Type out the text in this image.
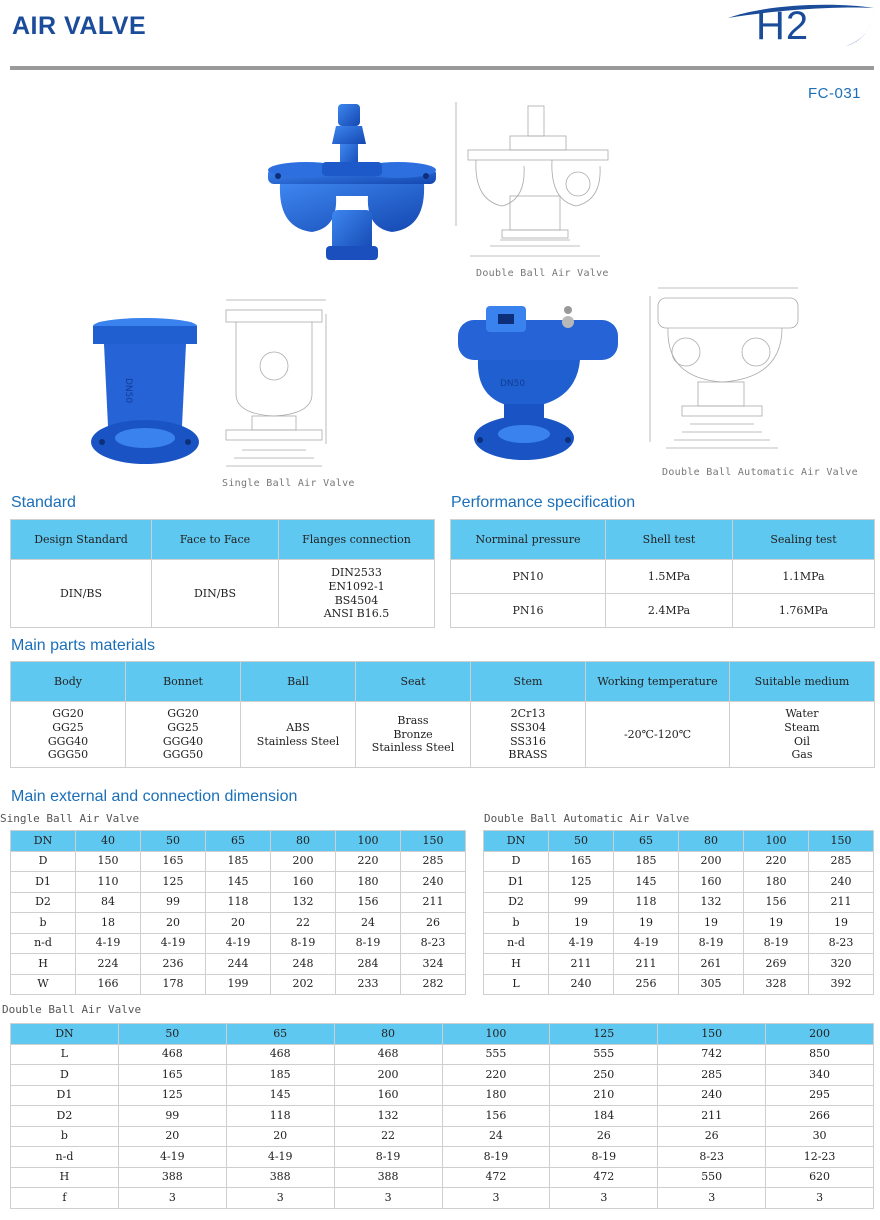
AIR VALVE	H2
FC-031
Double Ball Air Valve
DN50
Single Ball Air Valve
DN50
Double Ball Automatic Air Valve
Standard
Design Standard	Face to Face	Flanges connection
DIN/BS	DIN/BS	DIN2533
EN1092-1
BS4504
ANSI B16.5
Performance specification
Norminal pressure	Shell test	Sealing test
PN10	1.5MPa	1.1MPa
PN16	2.4MPa	1.76MPa
Main parts materials
Body	Bonnet	Ball	Seat	Stem	Working temperature	Suitable medium
GG20
GG25
GGG40
GGG50	GG20
GG25
GGG40
GGG50	ABS
Stainless Steel	Brass
Bronze
Stainless Steel	2Cr13
SS304
SS316
BRASS	-20℃-120℃	Water
Steam
Oil
Gas
Main external and connection dimension
Single Ball Air Valve
DN	40	50	65	80	100	150
D	150	165	185	200	220	285
D1	110	125	145	160	180	240
D2	84	99	118	132	156	211
b	18	20	20	22	24	26
n-d	4-19	4-19	4-19	8-19	8-19	8-23
H	224	236	244	248	284	324
W	166	178	199	202	233	282
Double Ball Automatic Air Valve
DN	50	65	80	100	150
D	165	185	200	220	285
D1	125	145	160	180	240
D2	99	118	132	156	211
b	19	19	19	19	19
n-d	4-19	4-19	8-19	8-19	8-23
H	211	211	261	269	320
L	240	256	305	328	392
Double Ball Air Valve
DN	50	65	80	100	125	150	200
L	468	468	468	555	555	742	850
D	165	185	200	220	250	285	340
D1	125	145	160	180	210	240	295
D2	99	118	132	156	184	211	266
b	20	20	22	24	26	26	30
n-d	4-19	4-19	8-19	8-19	8-19	8-23	12-23
H	388	388	388	472	472	550	620
f	3	3	3	3	3	3	3
